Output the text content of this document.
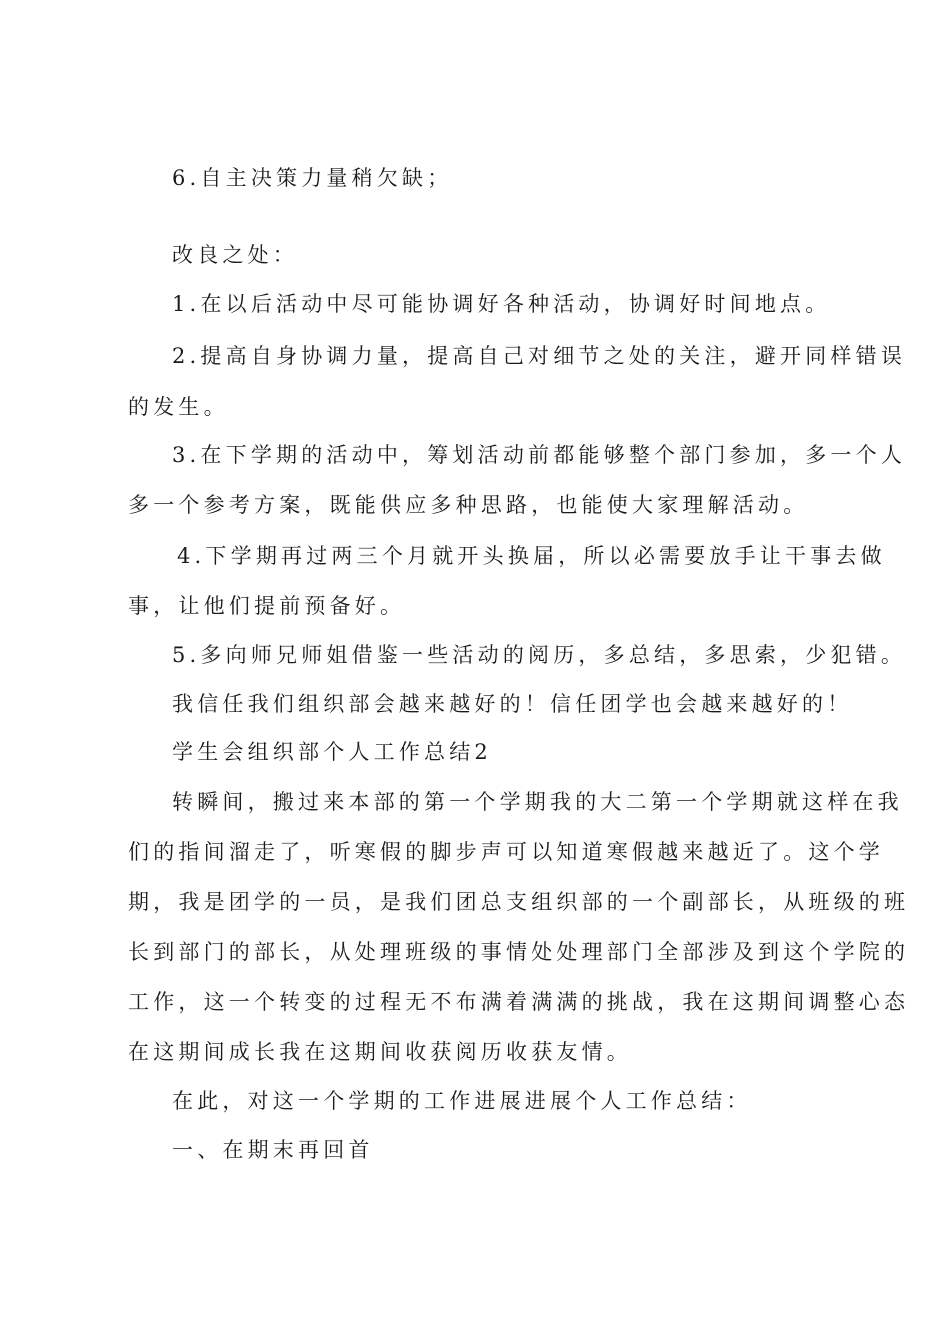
6.自主决策力量稍欠缺；

改良之处：

1.在以后活动中尽可能协调好各种活动，协调好时间地点。

2.提高自身协调力量，提高自己对细节之处的关注，避开同样错误

的发生。

3.在下学期的活动中，筹划活动前都能够整个部门参加，多一个人

多一个参考方案，既能供应多种思路，也能使大家理解活动。

4.下学期再过两三个月就开头换届，所以必需要放手让干事去做

事，让他们提前预备好。

5.多向师兄师姐借鉴一些活动的阅历，多总结，多思索，少犯错。

我信任我们组织部会越来越好的！信任团学也会越来越好的！

学生会组织部个人工作总结2

转瞬间，搬过来本部的第一个学期我的大二第一个学期就这样在我

们的指间溜走了，听寒假的脚步声可以知道寒假越来越近了。这个学

期，我是团学的一员，是我们团总支组织部的一个副部长，从班级的班

长到部门的部长，从处理班级的事情处处理部门全部涉及到这个学院的

工作，这一个转变的过程无不布满着满满的挑战，我在这期间调整心态

在这期间成长我在这期间收获阅历收获友情。

在此，对这一个学期的工作进展进展个人工作总结：

一、在期末再回首
